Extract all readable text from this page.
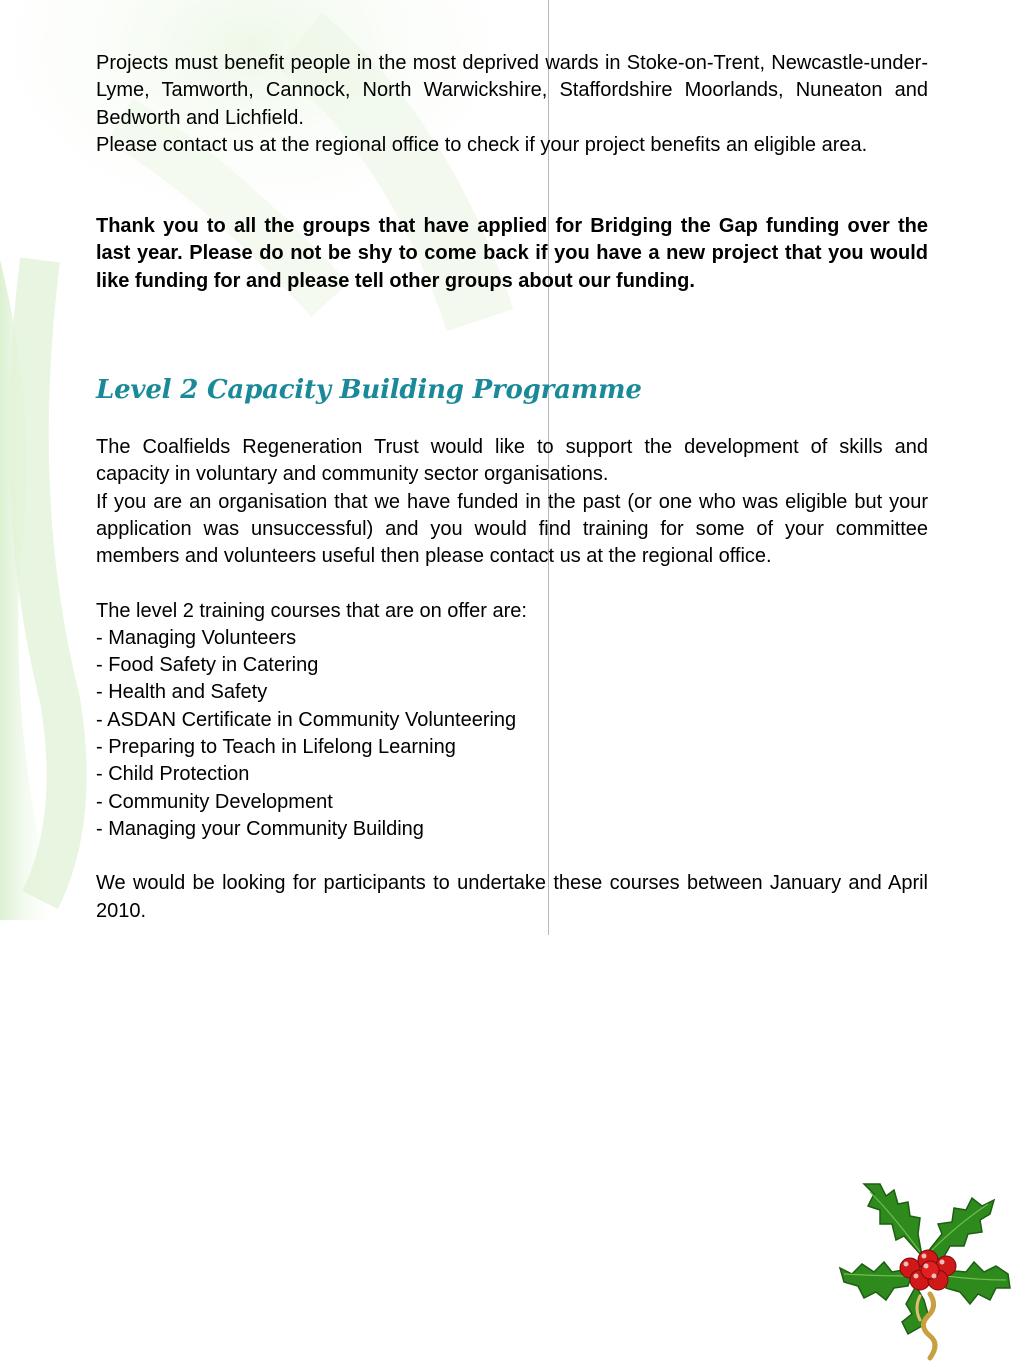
Projects must benefit people in the most deprived wards in Stoke-on-Trent, Newcastle-under-Lyme, Tamworth, Cannock, North Warwickshire, Staffordshire Moorlands, Nuneaton and Bedworth and Lichfield.

Please contact us at the regional office to check if your project benefits an eligible area.

Thank you to all the groups that have applied for Bridging the Gap funding over the last year. Please do not be shy to come back if you have a new project that you would like funding for and please tell other groups about our funding.

Level 2 Capacity Building Programme

The Coalfields Regeneration Trust would like to support the development of skills and capacity in voluntary and community sector organisations.

If you are an organisation that we have funded in the past (or one who was eligible but your application was unsuccessful) and you would find training for some of your committee members and volunteers useful then please contact us at the regional office.

The level 2 training courses that are on offer are:

- Managing Volunteers
- Food Safety in Catering
- Health and Safety
- ASDAN Certificate in Community Volunteering
- Preparing to Teach in Lifelong Learning
- Child Protection
- Community Development
- Managing your Community Building

We would be looking for participants to undertake these courses between January and April 2010.
